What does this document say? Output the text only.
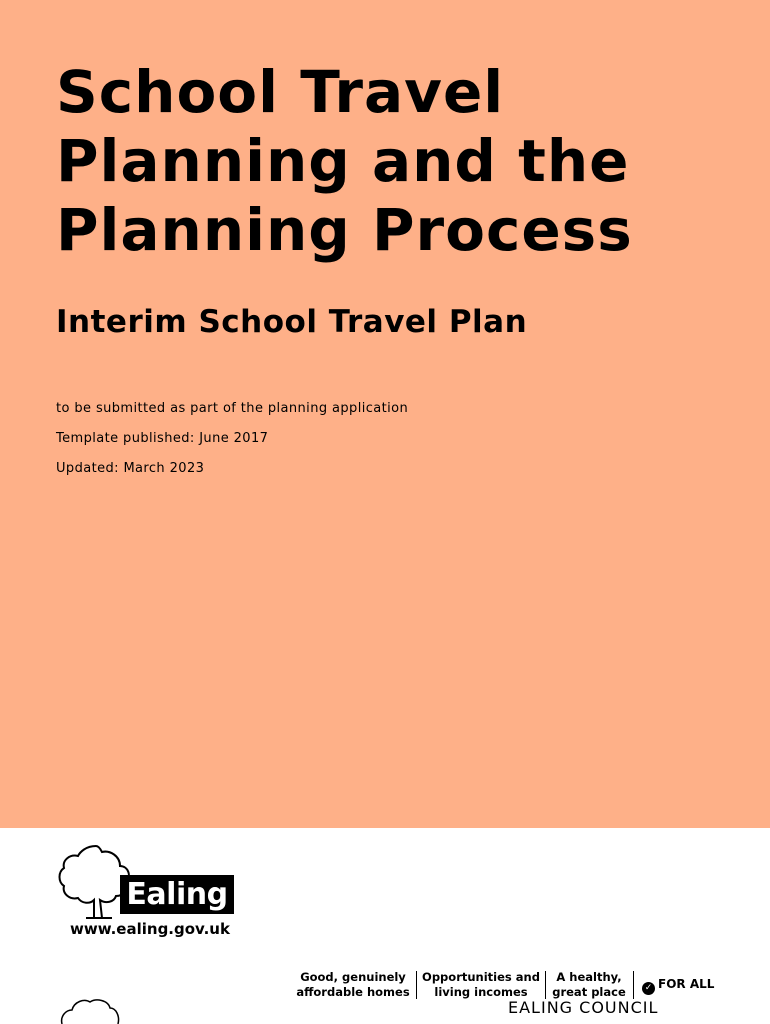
School Travel
Planning and the
Planning Process
Interim School Travel Plan
to be submitted as part of the planning application
Template published: June 2017
Updated: March 2023
Ealing
www.ealing.gov.uk
Good, genuinely
affordable homes
Opportunities and
living incomes
A healthy,
great place	✓ FOR ALL
EALING COUNCIL
